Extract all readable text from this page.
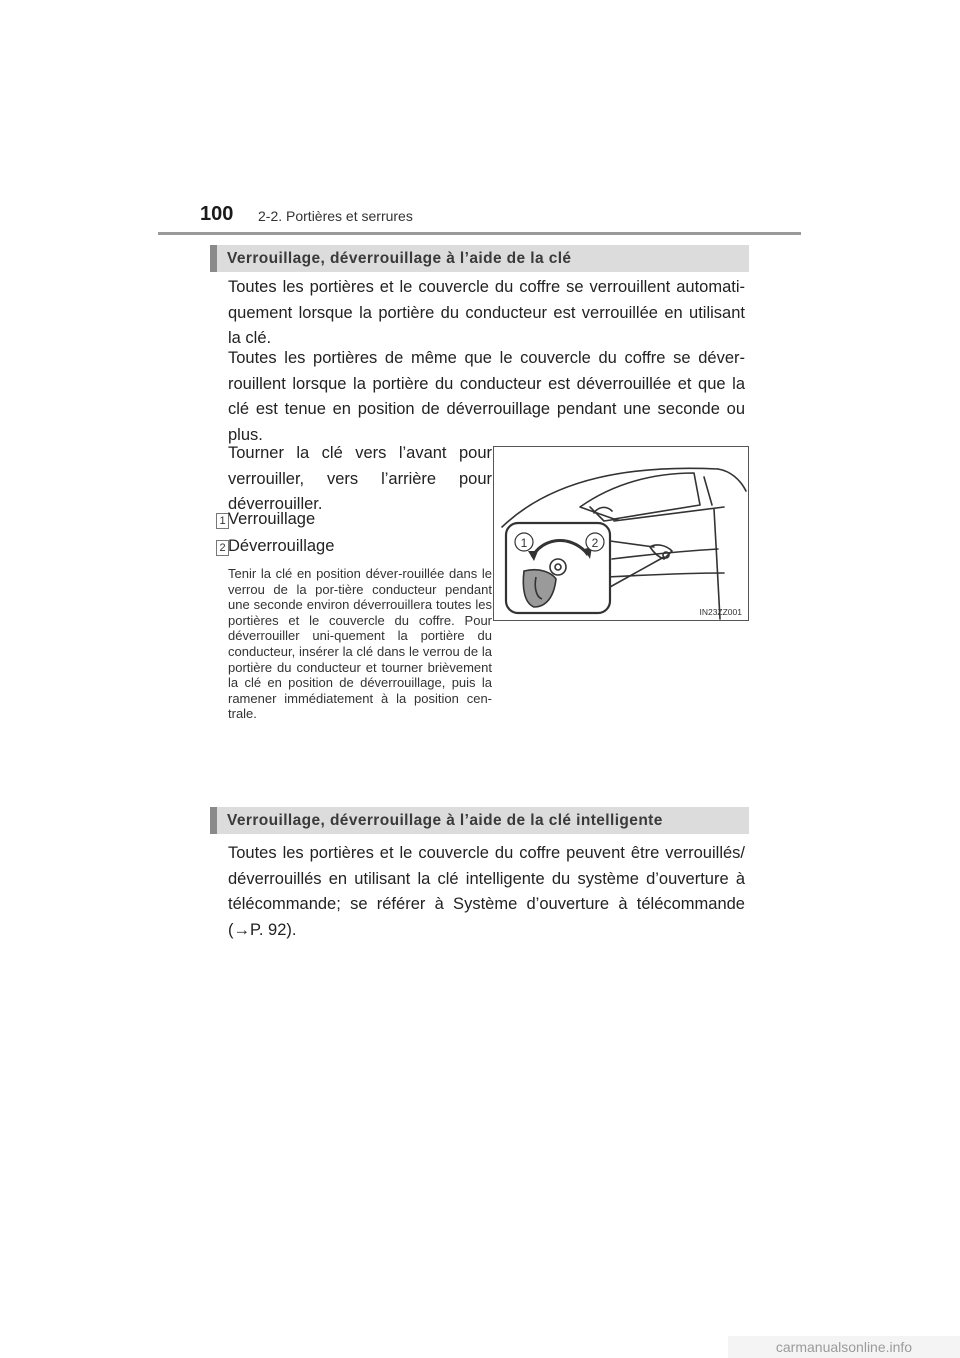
100 2-2. Portières et serrures
Verrouillage, déverrouillage à l’aide de la clé

Toutes les portières et le couvercle du coffre se verrouillent automati-quement lorsque la portière du conducteur est verrouillée en utilisant la clé.

Toutes les portières de même que le couvercle du coffre se déver-rouillent lorsque la portière du conducteur est déverrouillée et que la clé est tenue en position de déverrouillage pendant une seconde ou plus.

Tourner la clé vers l’avant pour verrouiller, vers l’arrière pour déverrouiller.

1 Verrouillage
2 Déverrouillage

Tenir la clé en position déver-rouillée dans le verrou de la por-tière conducteur pendant une seconde environ déverrouillera toutes les portières et le couvercle du coffre. Pour déverrouiller uni-quement la portière du conducteur, insérer la clé dans le verrou de la portière du conducteur et tourner brièvement la clé en position de déverrouillage, puis la ramener immédiatement à la position cen-trale.

1	2
IN23ZZ001
Verrouillage, déverrouillage à l’aide de la clé intelligente

Toutes les portières et le couvercle du coffre peuvent être verrouillés/ déverrouillés en utilisant la clé intelligente du système d’ouverture à télécommande; se référer à Système d’ouverture à télécommande (→P. 92).

carmanualsonline.info
